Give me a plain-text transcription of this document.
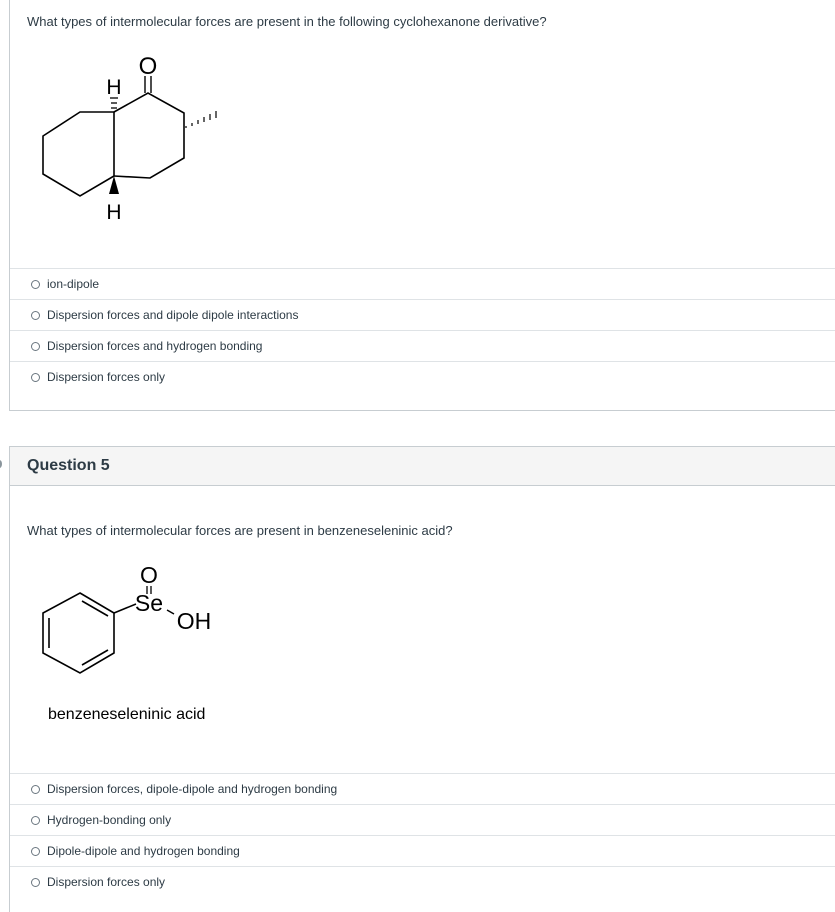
What types of intermolecular forces are present in the following cyclohexanone derivative?
O
H
H
ion-dipole
Dispersion forces and dipole dipole interactions
Dispersion forces and hydrogen bonding
Dispersion forces only
Question 5
What types of intermolecular forces are present in benzeneseleninic acid?
O
Se
OH
benzeneseleninic acid
Dispersion forces, dipole-dipole and hydrogen bonding
Hydrogen-bonding only
Dipole-dipole and hydrogen bonding
Dispersion forces only
